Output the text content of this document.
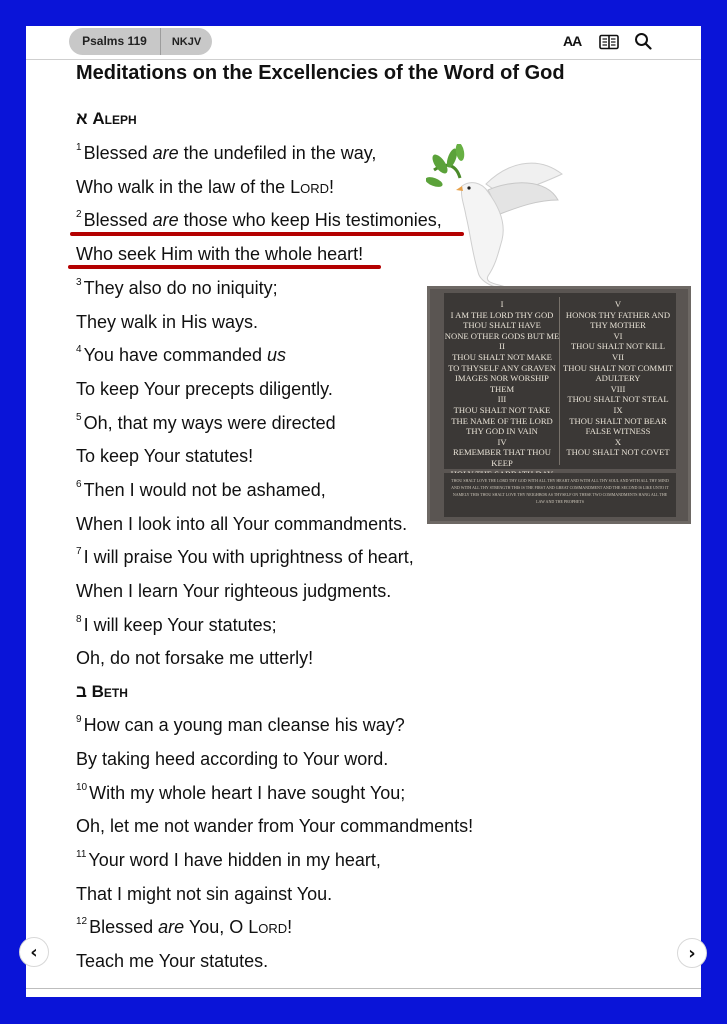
Psalms 119	NKJV	AA
Meditations on the Excellencies of the Word of God
א Aleph
$^1$ Blessed are the undefiled in the way,
Who walk in the law of the Lord!
$^2$ Blessed are those who keep His testimonies,
Who seek Him with the whole heart!
$^3$ They also do no iniquity;
They walk in His ways.
$^4$ You have commanded us
To keep Your precepts diligently.
$^5$ Oh, that my ways were directed
To keep Your statutes!
$^6$ Then I would not be ashamed,
When I look into all Your commandments.
$^7$ I will praise You with uprightness of heart,
When I learn Your righteous judgments.
$^8$ I will keep Your statutes;
Oh, do not forsake me utterly!
ב Beth
$^9$ How can a young man cleanse his way?
By taking heed according to Your word.
$^{10}$ With my whole heart I have sought You;
Oh, let me not wander from Your commandments!
$^{11}$ Your word I have hidden in my heart,
That I might not sin against You.
$^{12}$ Blessed are You, O Lord!
Teach me Your statutes.
I
I AM THE LORD THY GOD
THOU SHALT HAVE
NONE OTHER GODS BUT ME
II
THOU SHALT NOT MAKE
TO THYSELF ANY GRAVEN
IMAGES NOR WORSHIP THEM
III
THOU SHALT NOT TAKE
THE NAME OF THE LORD
THY GOD IN VAIN
IV
REMEMBER THAT THOU KEEP
V
HONOR THY FATHER AND
THY MOTHER
VI
THOU SHALT NOT KILL
VII
THOU SHALT NOT COMMIT
ADULTERY
VIII
THOU SHALT NOT STEAL
IX
THOU SHALT NOT BEAR
FALSE WITNESS
X
THOU SHALT NOT COVET
THOU SHALT LOVE THE LORD THY GOD WITH ALL THY HEART AND WITH ALL THY SOUL AND WITH ALL THY MIND AND WITH ALL THY STRENGTH THIS IS THE FIRST AND GREAT COMMANDMENT AND THE SECOND IS LIKE UNTO IT NAMELY THIS THOU SHALT LOVE THY NEIGHBOR AS THYSELF ON THESE TWO COMMANDMENTS HANG ALL THE LAW AND THE PROPHETS
‹	›
